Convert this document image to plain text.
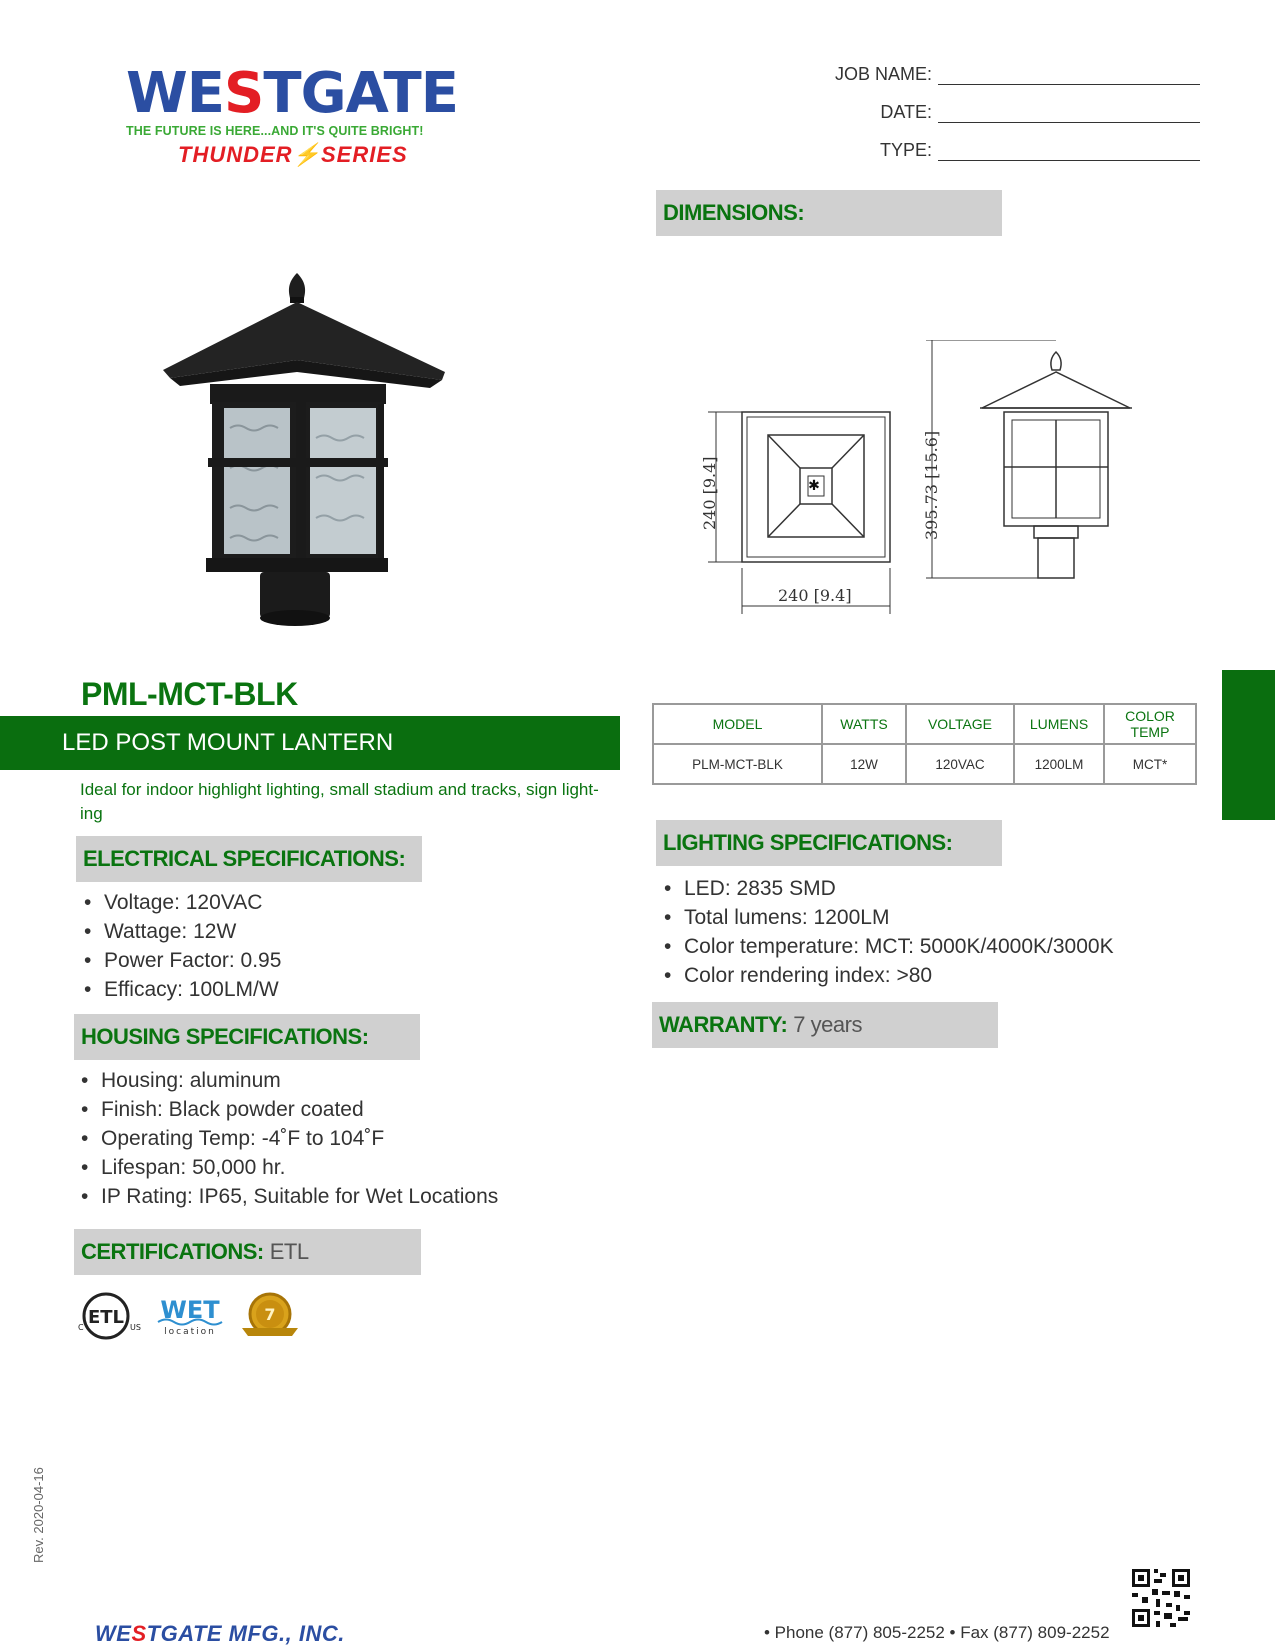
WESTGATE
THE FUTURE IS HERE...AND IT'S QUITE BRIGHT!
THUNDER⚡SERIES
JOB NAME:
DATE:
TYPE:
DIMENSIONS:
✱
240 [9.4]
240 [9.4]
395.73 [15.6]
PML-MCT-BLK
LED POST MOUNT LANTERN
Ideal for indoor highlight lighting, small stadium and tracks, sign light-ing
MODEL	WATTS	VOLTAGE	LUMENS	COLOR TEMP
PLM-MCT-BLK	12W	120VAC	1200LM	MCT*
ELECTRICAL SPECIFICATIONS:
• Voltage: 120VAC
• Wattage: 12W
• Power Factor: 0.95
• Efficacy: 100LM/W
HOUSING SPECIFICATIONS:
• Housing: aluminum
• Finish: Black powder coated
• Operating Temp: -4˚F to 104˚F
• Lifespan: 50,000 hr.
• IP Rating: IP65, Suitable for Wet Locations
LIGHTING SPECIFICATIONS:
• LED: 2835 SMD
• Total lumens: 1200LM
• Color temperature: MCT: 5000K/4000K/3000K
• Color rendering index: >80
WARRANTY: 7 years
CERTIFICATIONS: ETL
ETL
C	US
WET
location
7
Rev. 2020-04-16
WESTGATE MFG., INC.	• Phone (877) 805-2252 • Fax (877) 809-2252
